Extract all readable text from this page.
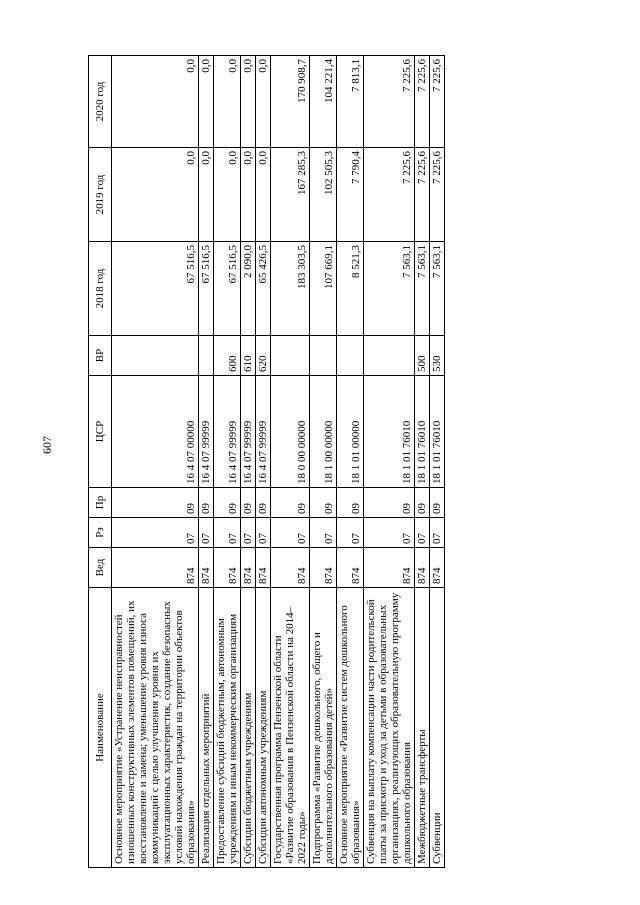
607
Наименование	Вед	Рз	Пр	ЦСР	ВР	2018 год	2019 год	2020 год
Основное мероприятие «Устранение неисправностей изношенных конструктивных элементов помещений, их восстановление и замена; уменьшение уровня износа коммуникаций с целью улучшения уровня их эксплуатационных характеристик, создание безопасных условий нахождения граждан на территории объектов образования»	874	07	09	16 4 07 00000		67 516,5	0,0	0,0
Реализация отдельных мероприятий	874	07	09	16 4 07 99999		67 516,5	0,0	0,0
Предоставление субсидий бюджетным, автономным учреждениям и иным некоммерческим организациям	874	07	09	16 4 07 99999	600	67 516,5	0,0	0,0
Субсидии бюджетным учреждениям	874	07	09	16 4 07 99999	610	2 090,0	0,0	0,0
Субсидии автономным учреждениям	874	07	09	16 4 07 99999	620	65 426,5	0,0	0,0
Государственная программа Пензенской области «Развитие образования в Пензенской области на 2014–2022 годы»	874	07	09	18 0 00 00000		183 303,5	167 285,3	170 908,7
Подпрограмма «Развитие дошкольного, общего и дополнительного образования детей»	874	07	09	18 1 00 00000		107 669,1	102 505,3	104 221,4
Основное мероприятие «Развитие систем дошкольного образования»	874	07	09	18 1 01 00000		8 521,3	7 790,4	7 813,1
Субвенция на выплату компенсации части родительской платы за присмотр и уход за детьми в образовательных организациях, реализующих образовательную программу дошкольного образования	874	07	09	18 1 01 76010		7 563,1	7 225,6	7 225,6
Межбюджетные трансферты	874	07	09	18 1 01 76010	500	7 563,1	7 225,6	7 225,6
Субвенции	874	07	09	18 1 01 76010	530	7 563,1	7 225,6	7 225,6
